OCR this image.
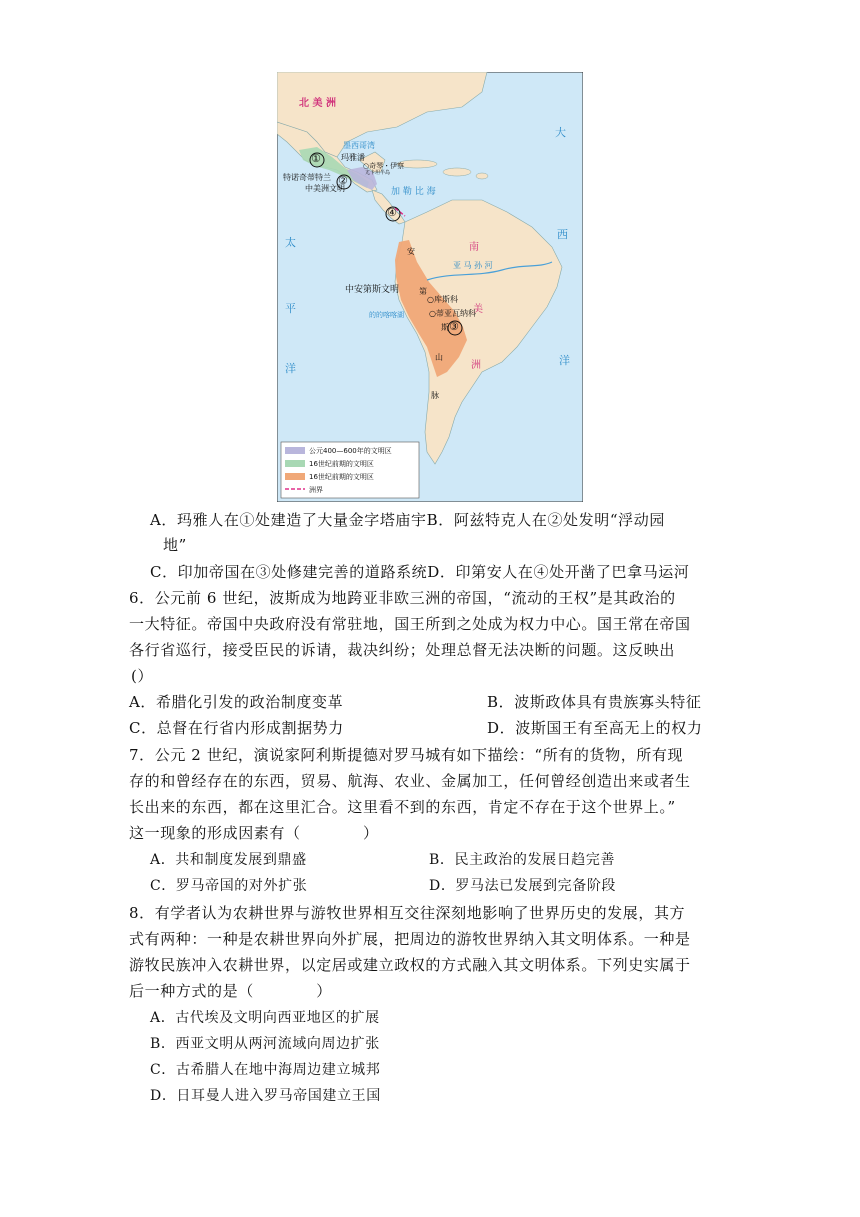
北 美 洲
大
西
洋
太
平
洋
墨西哥湾
玛雅潘
○奇琴・伊察
尤卡坦半岛
①
②
特诺奇蒂特兰
中美洲文明	加 勒 比 海
④
南
美
洲
亚 马 孙 河
安
第
斯
山
脉
中安第斯文明
○库斯科
的的喀喀湖	○蒂亚瓦纳科
③
公元400—600年的文明区
16世纪前期的文明区
16世纪前期的文明区
洲界
A．玛雅人在①处建造了大量金字塔庙宇B．阿兹特克人在②处发明“浮动园
地”
C．印加帝国在③处修建完善的道路系统D．印第安人在④处开凿了巴拿马运河
6．公元前 6 世纪，波斯成为地跨亚非欧三洲的帝国，“流动的王权”是其政治的
一大特征。帝国中央政府没有常驻地，国王所到之处成为权力中心。国王常在帝国
各行省巡行，接受臣民的诉请，裁决纠纷；处理总督无法决断的问题。这反映出
(）
A．希腊化引发的政治制度变革	B．波斯政体具有贵族寡头特征
C．总督在行省内形成割据势力	D．波斯国王有至高无上的权力
7．公元 2 世纪，演说家阿利斯提德对罗马城有如下描绘：“所有的货物，所有现
存的和曾经存在的东西，贸易、航海、农业、金属加工，任何曾经创造出来或者生
长出来的东西，都在这里汇合。这里看不到的东西，肯定不存在于这个世界上。”
这一现象的形成因素有（　　　　）
A．共和制度发展到鼎盛	B．民主政治的发展日趋完善
C．罗马帝国的对外扩张	D．罗马法已发展到完备阶段
8．有学者认为农耕世界与游牧世界相互交往深刻地影响了世界历史的发展，其方
式有两种：一种是农耕世界向外扩展，把周边的游牧世界纳入其文明体系。一种是
游牧民族冲入农耕世界，以定居或建立政权的方式融入其文明体系。下列史实属于
后一种方式的是（　　　　）
A．古代埃及文明向西亚地区的扩展
B．西亚文明从两河流域向周边扩张
C．古希腊人在地中海周边建立城邦
D．日耳曼人进入罗马帝国建立王国
